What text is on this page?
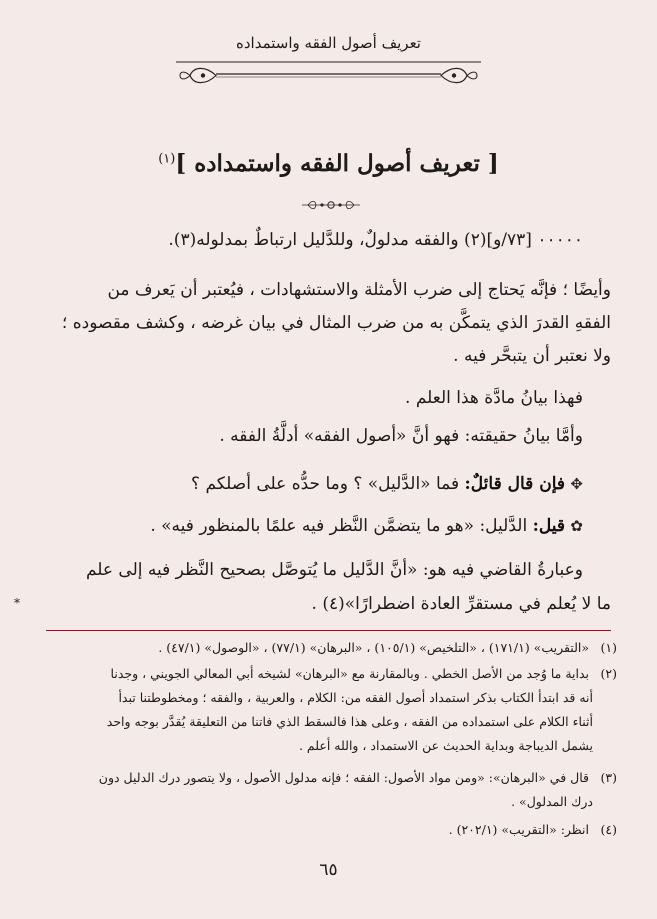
تعريف أصول الفقه واستمداده
[ تعريف أصول الفقه واستمداده ]$^{(١)}$
٠٠٠٠٠ [٧٣/و](٢) والفقه مدلولٌ، وللدَّليل ارتباطٌ بمدلوله(٣).
وأيضًا ؛ فإنَّه يَحتاج إلى ضرب الأمثلة والاستشهادات ، فيُعتبر أن يَعرف من
الفقهِ القدرَ الذي يتمكَّن به من ضرب المثال في بيان غرضه ، وكشف مقصوده ؛
ولا نعتبر أن يتبحَّر فيه .
فهذا بيانُ مادَّة هذا العلم .
وأمَّا بيانُ حقيقته: فهو أنَّ «أصول الفقه» أدلَّةُ الفقه .
✥ فإن قال قائلٌ: فما «الدَّليل» ؟ وما حدُّه على أصلكم ؟
✿ قيل: الدَّليل: «هو ما يتضمَّن النَّظر فيه علمًا بالمنظور فيه» .
وعبارةُ القاضي فيه هو: «أنَّ الدَّليل ما يُتوصَّل بصحيح النَّظر فيه إلى علم
ما لا يُعلم في مستقرِّ العادة اضطرارًا»(٤) .
*
(١) «التقريب» (١٧١/١) ، «التلخيص» (١٠٥/١) ، «البرهان» (٧٧/١) ، «الوصول» (٤٧/١) .
(٢) بداية ما وُجد من الأصل الخطي . وبالمقارنة مع «البرهان» لشيخه أبي المعالي الجويني ، وجدنا
أنه قد ابتدأ الكتاب بذكر استمداد أصول الفقه من: الكلام ، والعربية ، والفقه ؛ ومخطوطتنا تبدأ
أثناء الكلام على استمداده من الفقه ، وعلى هذا فالسقط الذي فاتنا من التعليقة يُقدَّر بوجه واحد
يشمل الديباجة وبداية الحديث عن الاستمداد ، والله أعلم .
(٣) قال في «البرهان»: «ومن مواد الأصول: الفقه ؛ فإنه مدلول الأصول ، ولا يتصور درك الدليل دون
درك المدلول» .
(٤) انظر: «التقريب» (٢٠٢/١) .
٦٥
